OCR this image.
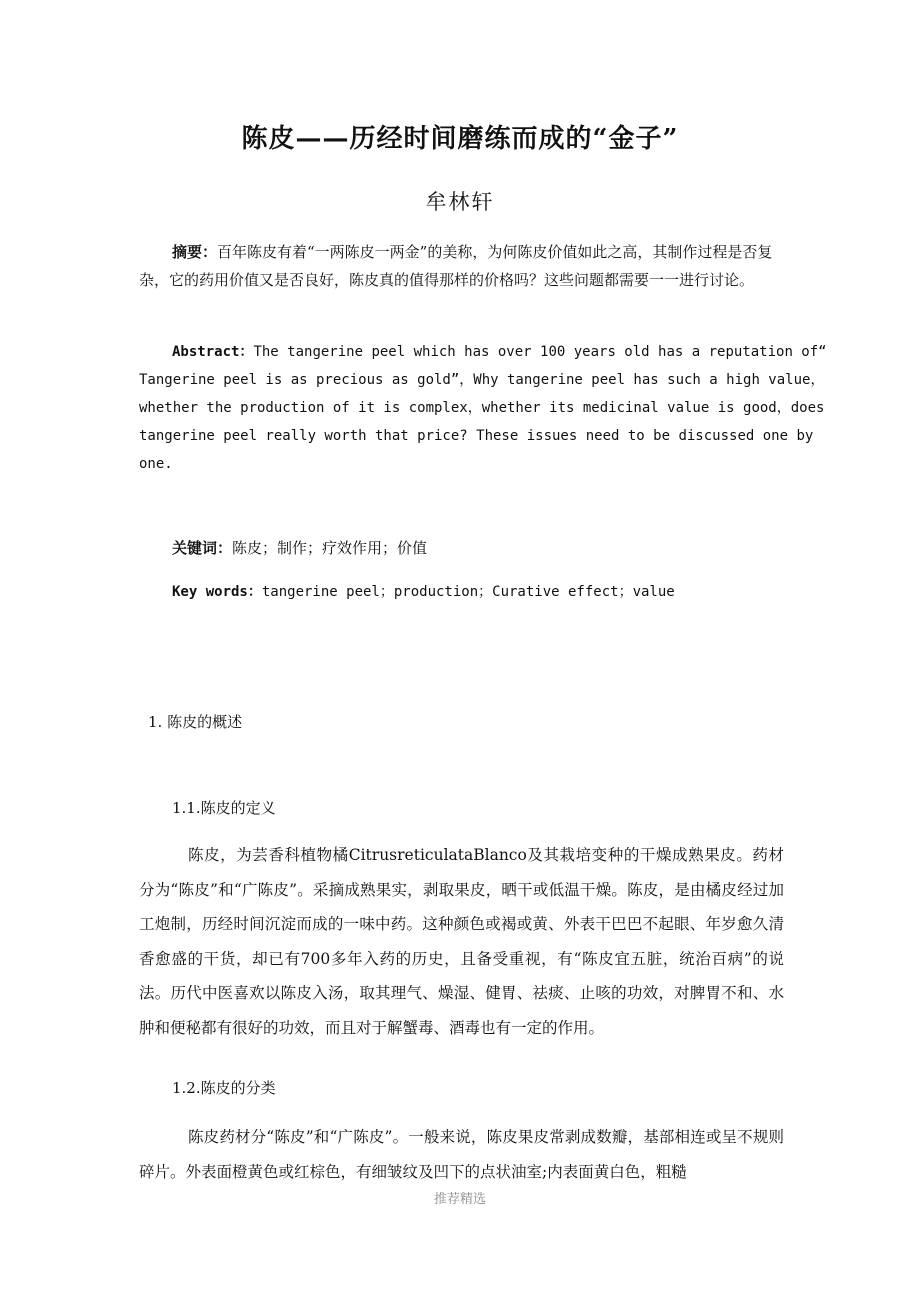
陈皮——历经时间磨练而成的“金子”
牟林轩
摘要：百年陈皮有着“一两陈皮一两金”的美称，为何陈皮价值如此之高，其制作过程是否复杂，它的药用价值又是否良好，陈皮真的值得那样的价格吗？这些问题都需要一一进行讨论。
Abstract：The tangerine peel which has over 100 years old has a reputation of“ Tangerine peel is as precious as gold”，Why tangerine peel has such a high value，whether the production of it is complex，whether its medicinal value is good，does tangerine peel really worth that price? These issues need to be discussed one by one.
关键词：陈皮；制作；疗效作用；价值
Key words：tangerine peel；production；Curative effect；value
1. 陈皮的概述
1.1.陈皮的定义
陈皮，为芸香科植物橘CitrusreticulataBlanco及其栽培变种的干燥成熟果皮。药材分为“陈皮”和“广陈皮”。采摘成熟果实，剥取果皮，晒干或低温干燥。陈皮，是由橘皮经过加工炮制，历经时间沉淀而成的一味中药。这种颜色或褐或黄、外表干巴巴不起眼、年岁愈久清香愈盛的干货，却已有700多年入药的历史，且备受重视，有“陈皮宜五脏，统治百病”的说法。历代中医喜欢以陈皮入汤，取其理气、燥湿、健胃、祛痰、止咳的功效，对脾胃不和、水肿和便秘都有很好的功效，而且对于解蟹毒、酒毒也有一定的作用。
1.2.陈皮的分类
陈皮药材分“陈皮”和“广陈皮”。一般来说，陈皮果皮常剥成数瓣，基部相连或呈不规则碎片。外表面橙黄色或红棕色，有细皱纹及凹下的点状油室;内表面黄白色，粗糙
推荐精选
